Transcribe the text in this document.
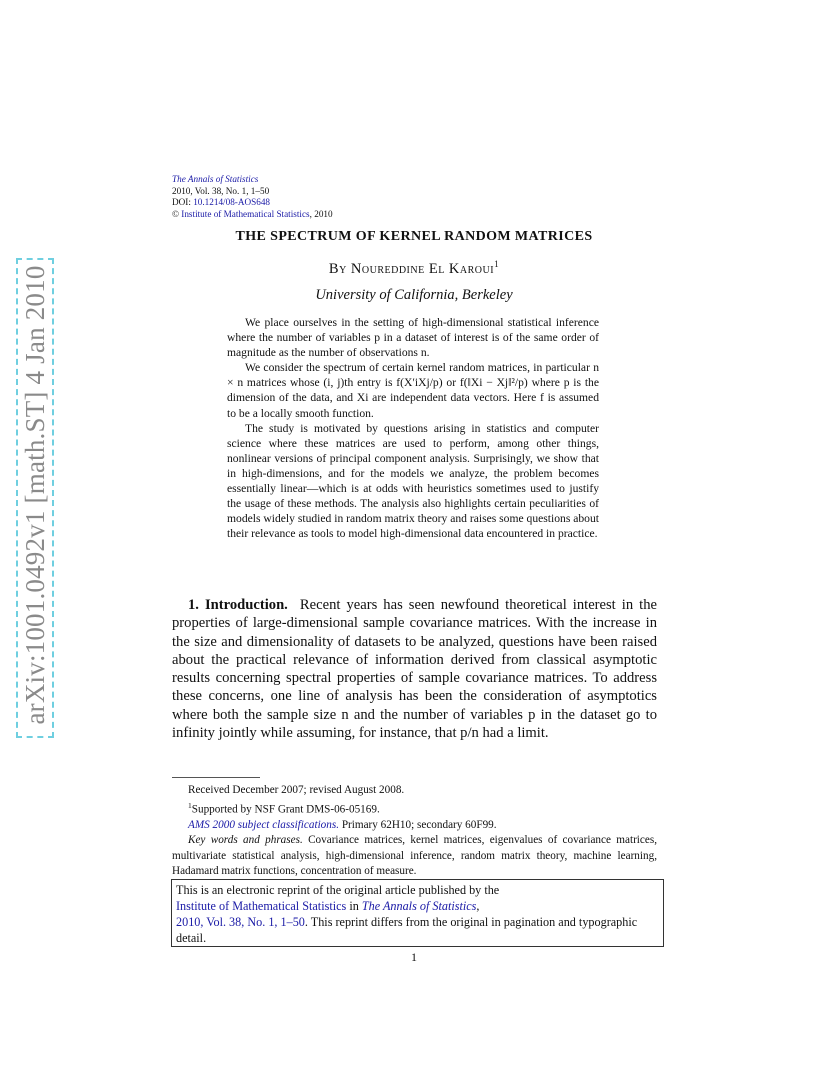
arXiv:1001.0492v1 [math.ST] 4 Jan 2010
The Annals of Statistics
2010, Vol. 38, No. 1, 1–50
DOI: 10.1214/08-AOS648
© Institute of Mathematical Statistics, 2010
THE SPECTRUM OF KERNEL RANDOM MATRICES
By Noureddine El Karoui$^1$
University of California, Berkeley

We place ourselves in the setting of high-dimensional statistical inference where the number of variables p in a dataset of interest is of the same order of magnitude as the number of observations n.

We consider the spectrum of certain kernel random matrices, in particular n × n matrices whose (i, j)th entry is f(X′iXj/p) or f(‖Xi − Xj‖²/p) where p is the dimension of the data, and Xi are independent data vectors. Here f is assumed to be a locally smooth function.

The study is motivated by questions arising in statistics and computer science where these matrices are used to perform, among other things, nonlinear versions of principal component analysis. Surprisingly, we show that in high-dimensions, and for the models we analyze, the problem becomes essentially linear—which is at odds with heuristics sometimes used to justify the usage of these methods. The analysis also highlights certain peculiarities of models widely studied in random matrix theory and raises some questions about their relevance as tools to model high-dimensional data encountered in practice.

1. Introduction. Recent years has seen newfound theoretical interest in the properties of large-dimensional sample covariance matrices. With the increase in the size and dimensionality of datasets to be analyzed, questions have been raised about the practical relevance of information derived from classical asymptotic results concerning spectral properties of sample covariance matrices. To address these concerns, one line of analysis has been the consideration of asymptotics where both the sample size n and the number of variables p in the dataset go to infinity jointly while assuming, for instance, that p/n had a limit.

Received December 2007; revised August 2008.

$^1$Supported by NSF Grant DMS-06-05169.

AMS 2000 subject classifications. Primary 62H10; secondary 60F99.

Key words and phrases. Covariance matrices, kernel matrices, eigenvalues of covariance matrices, multivariate statistical analysis, high-dimensional inference, random matrix theory, machine learning, Hadamard matrix functions, concentration of measure.

This is an electronic reprint of the original article published by the
Institute of Mathematical Statistics in The Annals of Statistics,
2010, Vol. 38, No. 1, 1–50. This reprint differs from the original in pagination and typographic detail.
1
